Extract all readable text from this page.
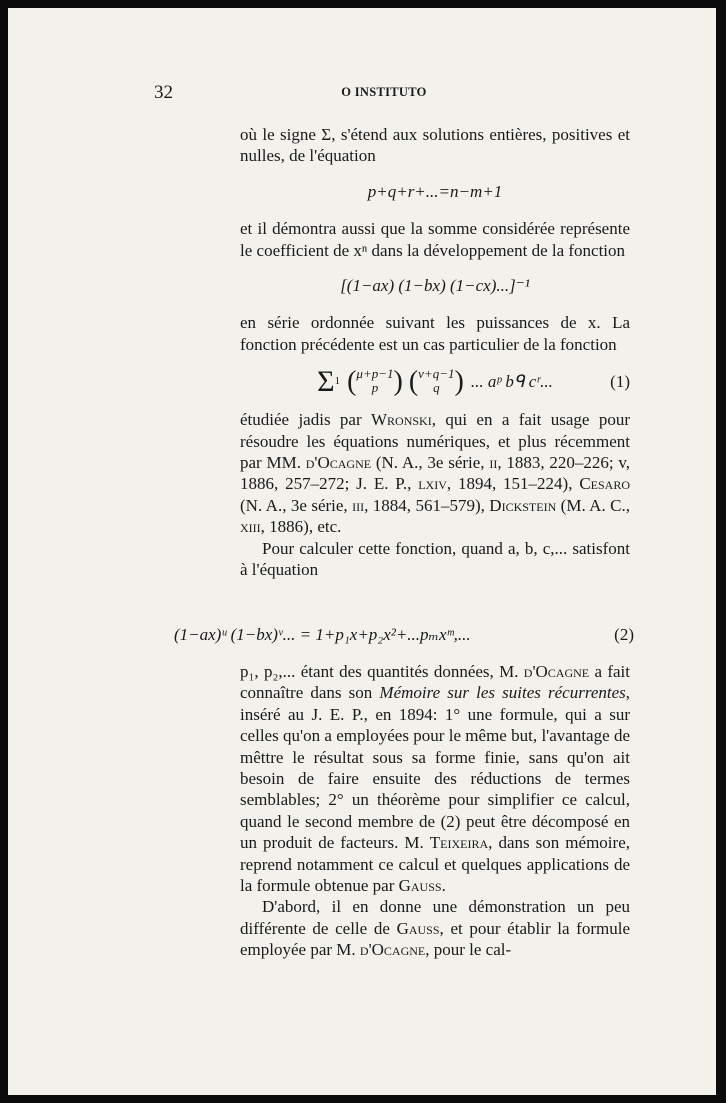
32	O INSTITUTO

où le signe Σ, s'étend aux solutions entières, positives et nulles, de l'équation

p+q+r+...=n−m+1

et il démontra aussi que la somme considérée représente le coefficient de xⁿ dans la développement de la fonction

[(1−ax) (1−bx) (1−cx)...]⁻¹

en série ordonnée suivant les puissances de x. La fonction précédente est un cas particulier de la fonction

Σ 1 ( μ+p−1
p ) ( ν+q−1
q ) ... aᵖ bᑫ cʳ...	(1)

étudiée jadis par Wronski, qui en a fait usage pour résoudre les équations numériques, et plus récemment par MM. d'Ocagne (N. A., 3e série, ii, 1883, 220–226; v, 1886, 257–272; J. E. P., lxiv, 1894, 151–224), Cesaro (N. A., 3e série, iii, 1884, 561–579), Dickstein (M. A. C., xiii, 1886), etc.

Pour calculer cette fonction, quand a, b, c,... satisfont à l'équation

(1−ax)ᵘ (1−bx)ᵛ... = 1+p₁x+p₂x²+...pₘxᵐ,...	(2)

p₁, p₂,... étant des quantités données, M. d'Ocagne a fait connaître dans son Mémoire sur les suites récurrentes, inséré au J. E. P., en 1894: 1° une formule, qui a sur celles qu'on a employées pour le même but, l'avantage de mêttre le résultat sous sa forme finie, sans qu'on ait besoin de faire ensuite des réductions de termes semblables; 2° un théorème pour simplifier ce calcul, quand le second membre de (2) peut être décomposé en un produit de facteurs. M. Teixeira, dans son mémoire, reprend notamment ce calcul et quelques applications de la formule obtenue par Gauss.

D'abord, il en donne une démonstration un peu différente de celle de Gauss, et pour établir la formule employée par M. d'Ocagne, pour le cal-
